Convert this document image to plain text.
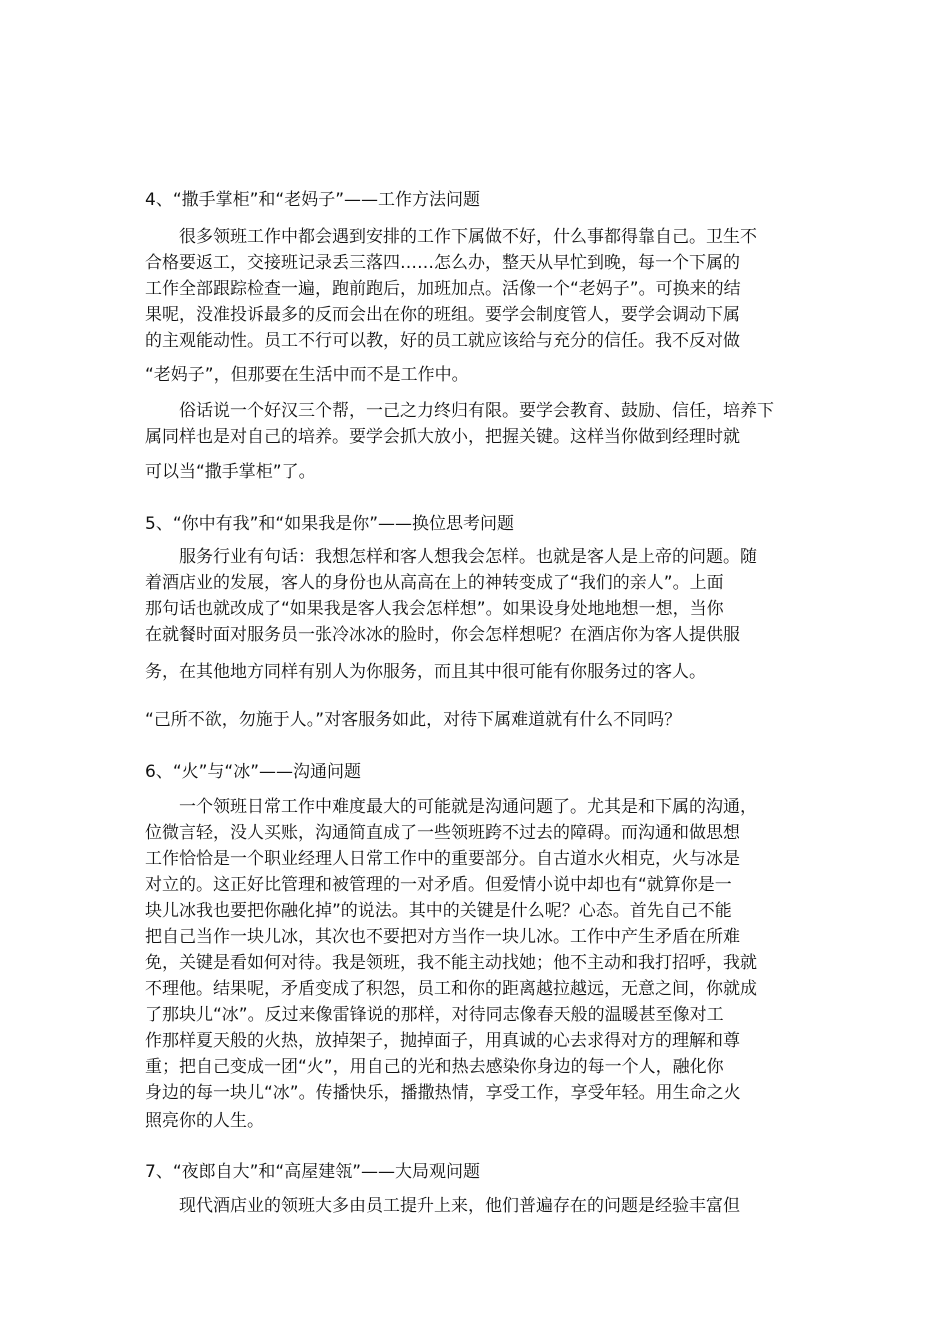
4、“撒手掌柜”和“老妈子”——工作方法问题

很多领班工作中都会遇到安排的工作下属做不好，什么事都得靠自己。卫生不
合格要返工，交接班记录丢三落四……怎么办，整天从早忙到晚，每一个下属的
工作全部跟踪检查一遍，跑前跑后，加班加点。活像一个“老妈子”。可换来的结
果呢，没准投诉最多的反而会出在你的班组。要学会制度管人，要学会调动下属
的主观能动性。员工不行可以教，好的员工就应该给与充分的信任。我不反对做
“老妈子”，但那要在生活中而不是工作中。
俗话说一个好汉三个帮，一己之力终归有限。要学会教育、鼓励、信任，培养下
属同样也是对自己的培养。要学会抓大放小，把握关键。这样当你做到经理时就
可以当“撒手掌柜”了。

5、“你中有我”和“如果我是你”——换位思考问题

服务行业有句话：我想怎样和客人想我会怎样。也就是客人是上帝的问题。随
着酒店业的发展，客人的身份也从高高在上的神转变成了“我们的亲人”。上面
那句话也就改成了“如果我是客人我会怎样想”。如果设身处地地想一想，当你
在就餐时面对服务员一张冷冰冰的脸时，你会怎样想呢？在酒店你为客人提供服
务，在其他地方同样有别人为你服务，而且其中很可能有你服务过的客人。
“己所不欲，勿施于人。”对客服务如此，对待下属难道就有什么不同吗？

6、“火”与“冰”——沟通问题

一个领班日常工作中难度最大的可能就是沟通问题了。尤其是和下属的沟通，
位微言轻，没人买账，沟通简直成了一些领班跨不过去的障碍。而沟通和做思想
工作恰恰是一个职业经理人日常工作中的重要部分。自古道水火相克，火与冰是
对立的。这正好比管理和被管理的一对矛盾。但爱情小说中却也有“就算你是一
块儿冰我也要把你融化掉”的说法。其中的关键是什么呢？心态。首先自己不能
把自己当作一块儿冰，其次也不要把对方当作一块儿冰。工作中产生矛盾在所难
免，关键是看如何对待。我是领班，我不能主动找她；他不主动和我打招呼，我就
不理他。结果呢，矛盾变成了积怨，员工和你的距离越拉越远，无意之间，你就成
了那块儿“冰”。反过来像雷锋说的那样，对待同志像春天般的温暖甚至像对工
作那样夏天般的火热，放掉架子，抛掉面子，用真诚的心去求得对方的理解和尊
重；把自己变成一团“火”，用自己的光和热去感染你身边的每一个人，融化你
身边的每一块儿“冰”。传播快乐，播撒热情，享受工作，享受年轻。用生命之火
照亮你的人生。

7、“夜郎自大”和“高屋建瓴”——大局观问题

现代酒店业的领班大多由员工提升上来，他们普遍存在的问题是经验丰富但
